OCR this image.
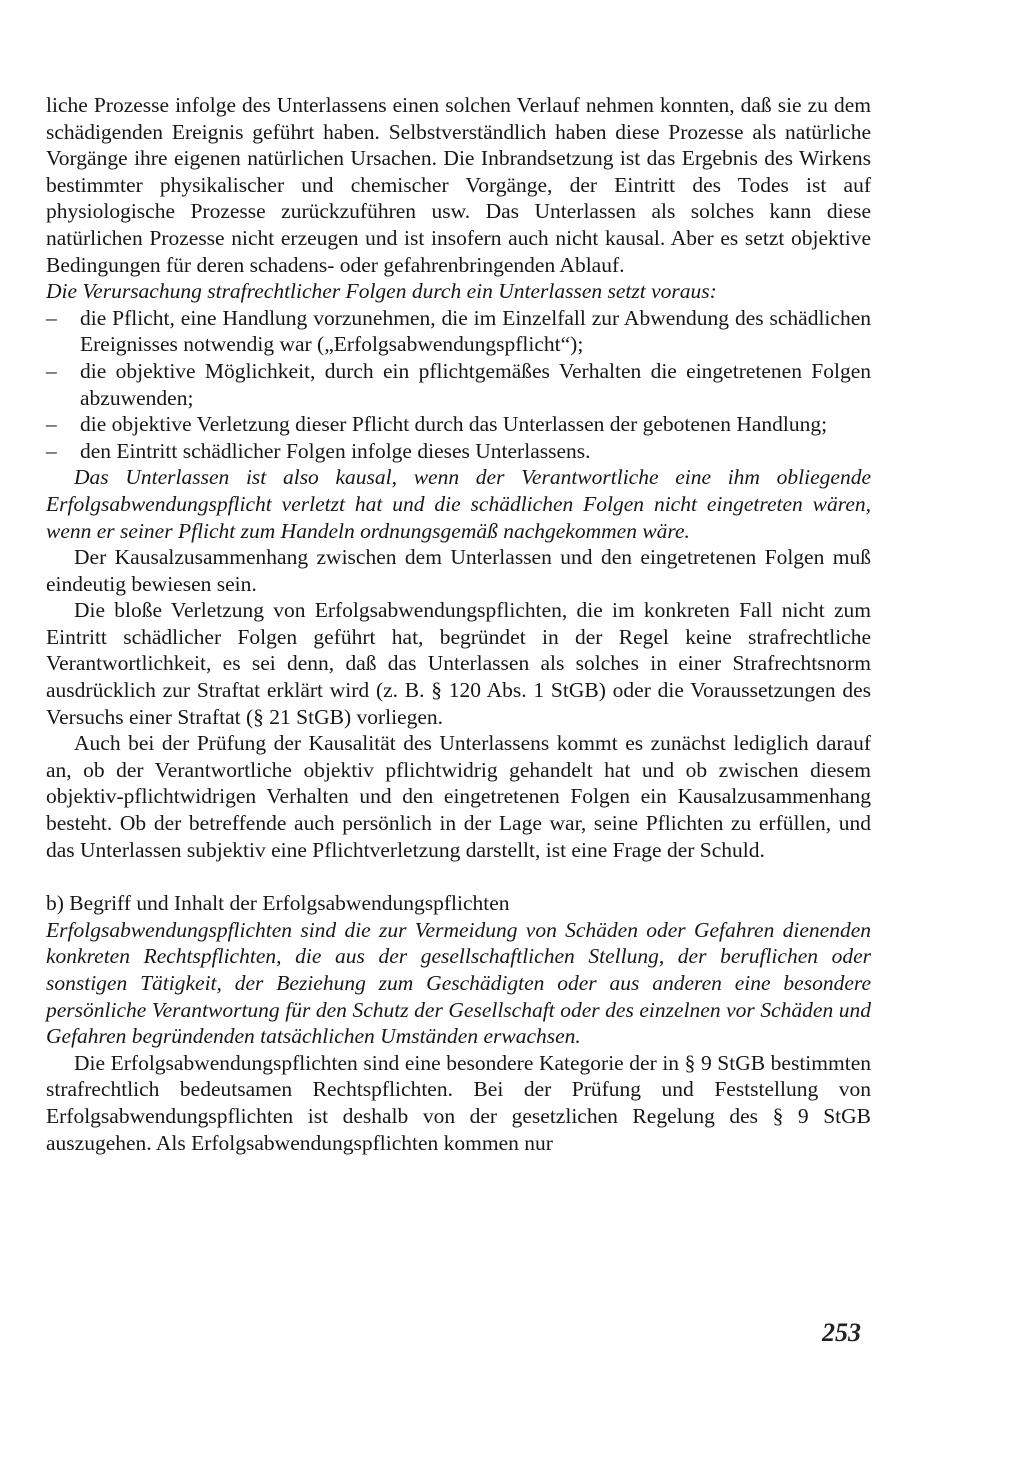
liche Prozesse infolge des Unterlassens einen solchen Verlauf nehmen konnten, daß sie zu dem schädigenden Ereignis geführt haben. Selbstverständlich haben diese Prozesse als natürliche Vorgänge ihre eigenen natürlichen Ursachen. Die Inbrandsetzung ist das Ergebnis des Wirkens bestimmter physikalischer und chemischer Vorgänge, der Eintritt des Todes ist auf physiologische Prozesse zurückzuführen usw. Das Unterlassen als solches kann diese natürlichen Prozesse nicht erzeugen und ist insofern auch nicht kausal. Aber es setzt objektive Bedingungen für deren schadens- oder gefahrenbringenden Ablauf.

Die Verursachung strafrechtlicher Folgen durch ein Unterlassen setzt voraus:

– die Pflicht, eine Handlung vorzunehmen, die im Einzelfall zur Abwendung des schädlichen Ereignisses notwendig war („Erfolgsabwendungspflicht“);
– die objektive Möglichkeit, durch ein pflichtgemäßes Verhalten die eingetretenen Folgen abzuwenden;
– die objektive Verletzung dieser Pflicht durch das Unterlassen der gebotenen Handlung;
– den Eintritt schädlicher Folgen infolge dieses Unterlassens.

Das Unterlassen ist also kausal, wenn der Verantwortliche eine ihm obliegende Erfolgsabwendungspflicht verletzt hat und die schädlichen Folgen nicht eingetreten wären, wenn er seiner Pflicht zum Handeln ordnungsgemäß nachgekommen wäre.

Der Kausalzusammenhang zwischen dem Unterlassen und den eingetretenen Folgen muß eindeutig bewiesen sein.

Die bloße Verletzung von Erfolgsabwendungspflichten, die im konkreten Fall nicht zum Eintritt schädlicher Folgen geführt hat, begründet in der Regel keine strafrechtliche Verantwortlichkeit, es sei denn, daß das Unterlassen als solches in einer Strafrechtsnorm ausdrücklich zur Straftat erklärt wird (z. B. § 120 Abs. 1 StGB) oder die Voraussetzungen des Versuchs einer Straftat (§ 21 StGB) vorliegen.

Auch bei der Prüfung der Kausalität des Unterlassens kommt es zunächst lediglich darauf an, ob der Verantwortliche objektiv pflichtwidrig gehandelt hat und ob zwischen diesem objektiv-pflichtwidrigen Verhalten und den eingetretenen Folgen ein Kausalzusammenhang besteht. Ob der betreffende auch persönlich in der Lage war, seine Pflichten zu erfüllen, und das Unterlassen subjektiv eine Pflichtverletzung darstellt, ist eine Frage der Schuld.

b) Begriff und Inhalt der Erfolgsabwendungspflichten

Erfolgsabwendungspflichten sind die zur Vermeidung von Schäden oder Gefahren dienenden konkreten Rechtspflichten, die aus der gesellschaftlichen Stellung, der beruflichen oder sonstigen Tätigkeit, der Beziehung zum Geschädigten oder aus anderen eine besondere persönliche Verantwortung für den Schutz der Gesellschaft oder des einzelnen vor Schäden und Gefahren begründenden tatsächlichen Umständen erwachsen.

Die Erfolgsabwendungspflichten sind eine besondere Kategorie der in § 9 StGB bestimmten strafrechtlich bedeutsamen Rechtspflichten. Bei der Prüfung und Feststellung von Erfolgsabwendungspflichten ist deshalb von der gesetzlichen Regelung des § 9 StGB auszugehen. Als Erfolgsabwendungspflichten kommen nur

253
